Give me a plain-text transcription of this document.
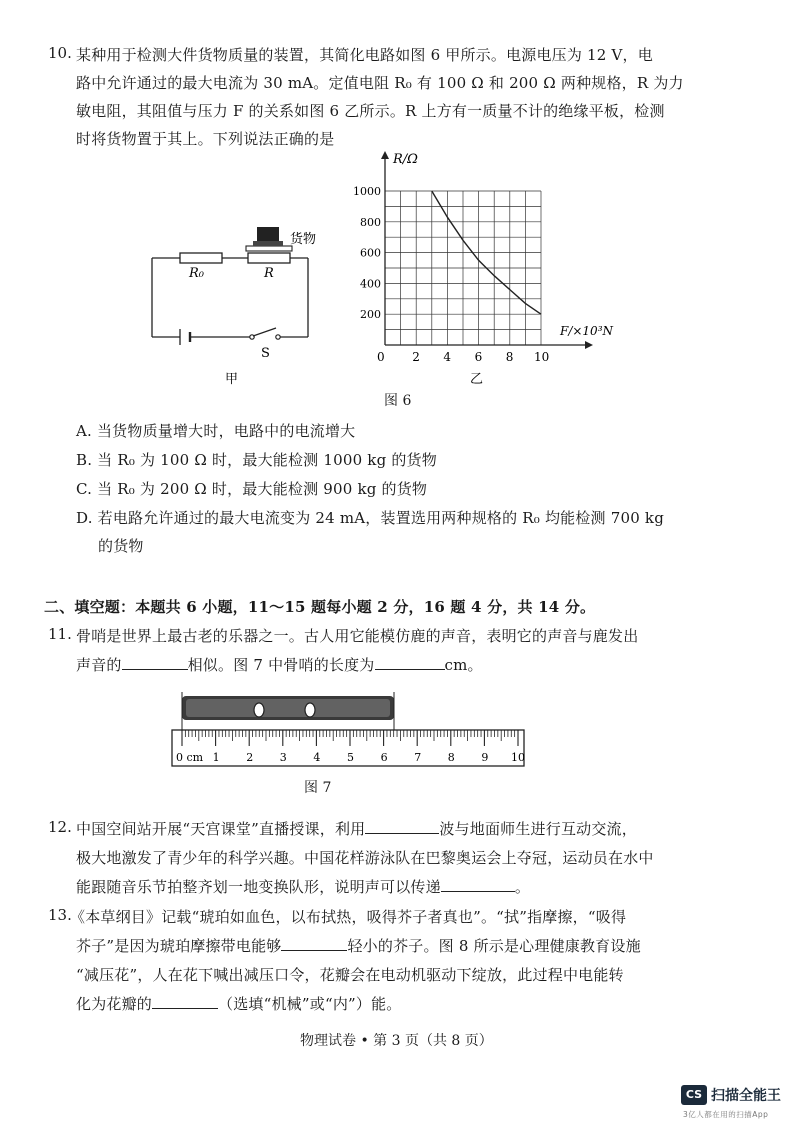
10. 某种用于检测大件货物质量的装置，其简化电路如图 6 甲所示。电源电压为 12 V，电
路中允许通过的最大电流为 30 mA。定值电阻 R₀ 有 100 Ω 和 200 Ω 两种规格，R 为力
敏电阻，其阻值与压力 F 的关系如图 6 乙所示。R 上方有一质量不计的绝缘平板，检测
时将货物置于其上。下列说法正确的是
R₀	R
货物
S
甲
0 2 4 6 8 10
200
400
600
800
1000
R/Ω
F/×10³N
乙
图 6
A. 当货物质量增大时，电路中的电流增大
B. 当 R₀ 为 100 Ω 时，最大能检测 1000 kg 的货物
C. 当 R₀ 为 200 Ω 时，最大能检测 900 kg 的货物
D. 若电路允许通过的最大电流变为 24 mA，装置选用两种规格的 R₀ 均能检测 700 kg
的货物
二、填空题：本题共 6 小题，11～15 题每小题 2 分，16 题 4 分，共 14 分。
11. 骨哨是世界上最古老的乐器之一。古人用它能模仿鹿的声音，表明它的声音与鹿发出
声音的	相似。图 7 中骨哨的长度为	cm。
0 cm 1 2 3 4 5 6 7 8 9 10
图 7
12. 中国空间站开展“天宫课堂”直播授课，利用	波与地面师生进行互动交流，
极大地激发了青少年的科学兴趣。中国花样游泳队在巴黎奥运会上夺冠，运动员在水中
能跟随音乐节拍整齐划一地变换队形，说明声可以传递	。
13.
《本草纲目》记载“琥珀如血色，以布拭热，吸得芥子者真也”。“拭”指摩擦，“吸得
芥子”是因为琥珀摩擦带电能够	轻小的芥子。图 8 所示是心理健康教育设施
“减压花”，人在花下喊出减压口令，花瓣会在电动机驱动下绽放，此过程中电能转
化为花瓣的	（选填“机械”或“内”）能。
物理试卷 • 第 3 页（共 8 页）
CS 扫描全能王
3亿人都在用的扫描App
